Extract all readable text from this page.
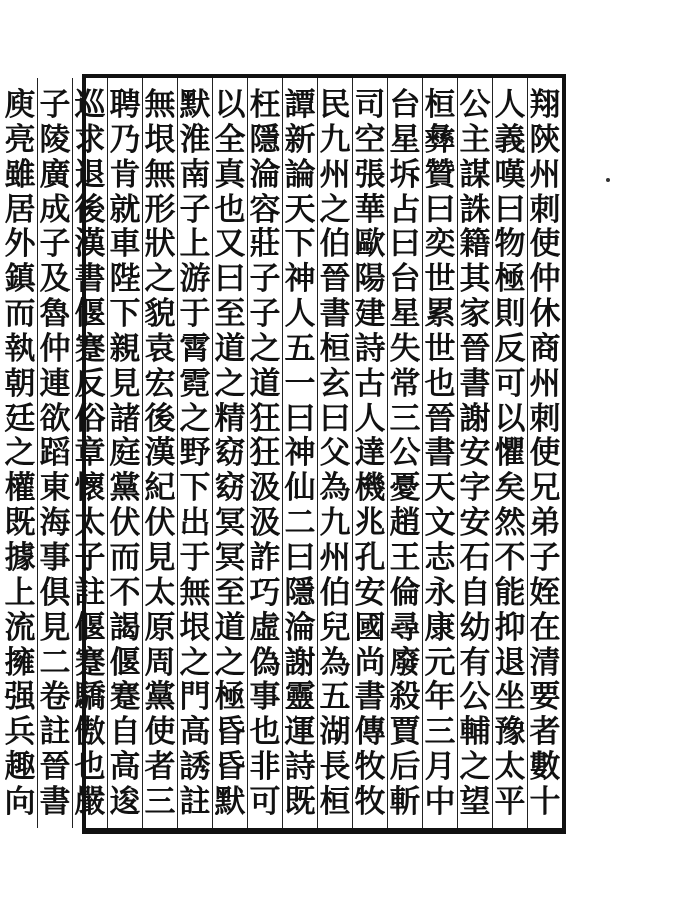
翔
陝
州
刺
使
仲
休
商
州
刺
使
兄
弟
子
姪
在
清
要
者
數
十
人
義
嘆
曰
物
極
則
反
可
以
懼
矣
然
不
能
抑
退
坐
豫
太
平
公
主
謀
誅
籍
其
家
晉
書
謝
安
字
安
石
自
幼
有
公
輔
之
望
桓
彝
贊
曰
奕
世
累
世
也
晉
書
天
文
志
永
康
元
年
三
月
中
台
星
坼
占
曰
台
星
失
常
三
公
憂
趙
王
倫
尋
廢
殺
賈
后
斬
司
空
張
華
歐
陽
建
詩
古
人
達
機
兆
孔
安
國
尚
書
傳
牧
牧
民
九
州
之
伯
晉
書
桓
玄
曰
父
為
九
州
伯
兒
為
五
湖
長
桓
譚
新
論
天
下
神
人
五
一
曰
神
仙
二
曰
隱
淪
謝
靈
運
詩
既
枉
隱
淪
容
莊
子
子
之
道
狂
狂
汲
汲
詐
巧
虛
偽
事
也
非
可
以
全
真
也
又
曰
至
道
之
精
窈
窈
冥
冥
至
道
之
極
昏
昏
默
默
淮
南
子
上
游
于
霄
霓
之
野
下
出
于
無
垠
之
門
高
誘
註
無
垠
無
形
狀
之
貌
袁
宏
後
漢
紀
伏
見
太
原
周
黨
使
者
三
聘
乃
肯
就
車
陛
下
親
見
諸
庭
黨
伏
而
不
謁
偃
蹇
自
高
逡
巡
求
退
後
漢
書
偃
蹇
反
俗
章
懷
太
子
註
偃
蹇
驕
傲
也
嚴
子
陵
廣
成
子
及
魯
仲
連
欲
蹈
東
海
事
俱
見
二
卷
註
晉
書
庾
亮
雖
居
外
鎮
而
執
朝
廷
之
權
既
據
上
流
擁
强
兵
趣
向
